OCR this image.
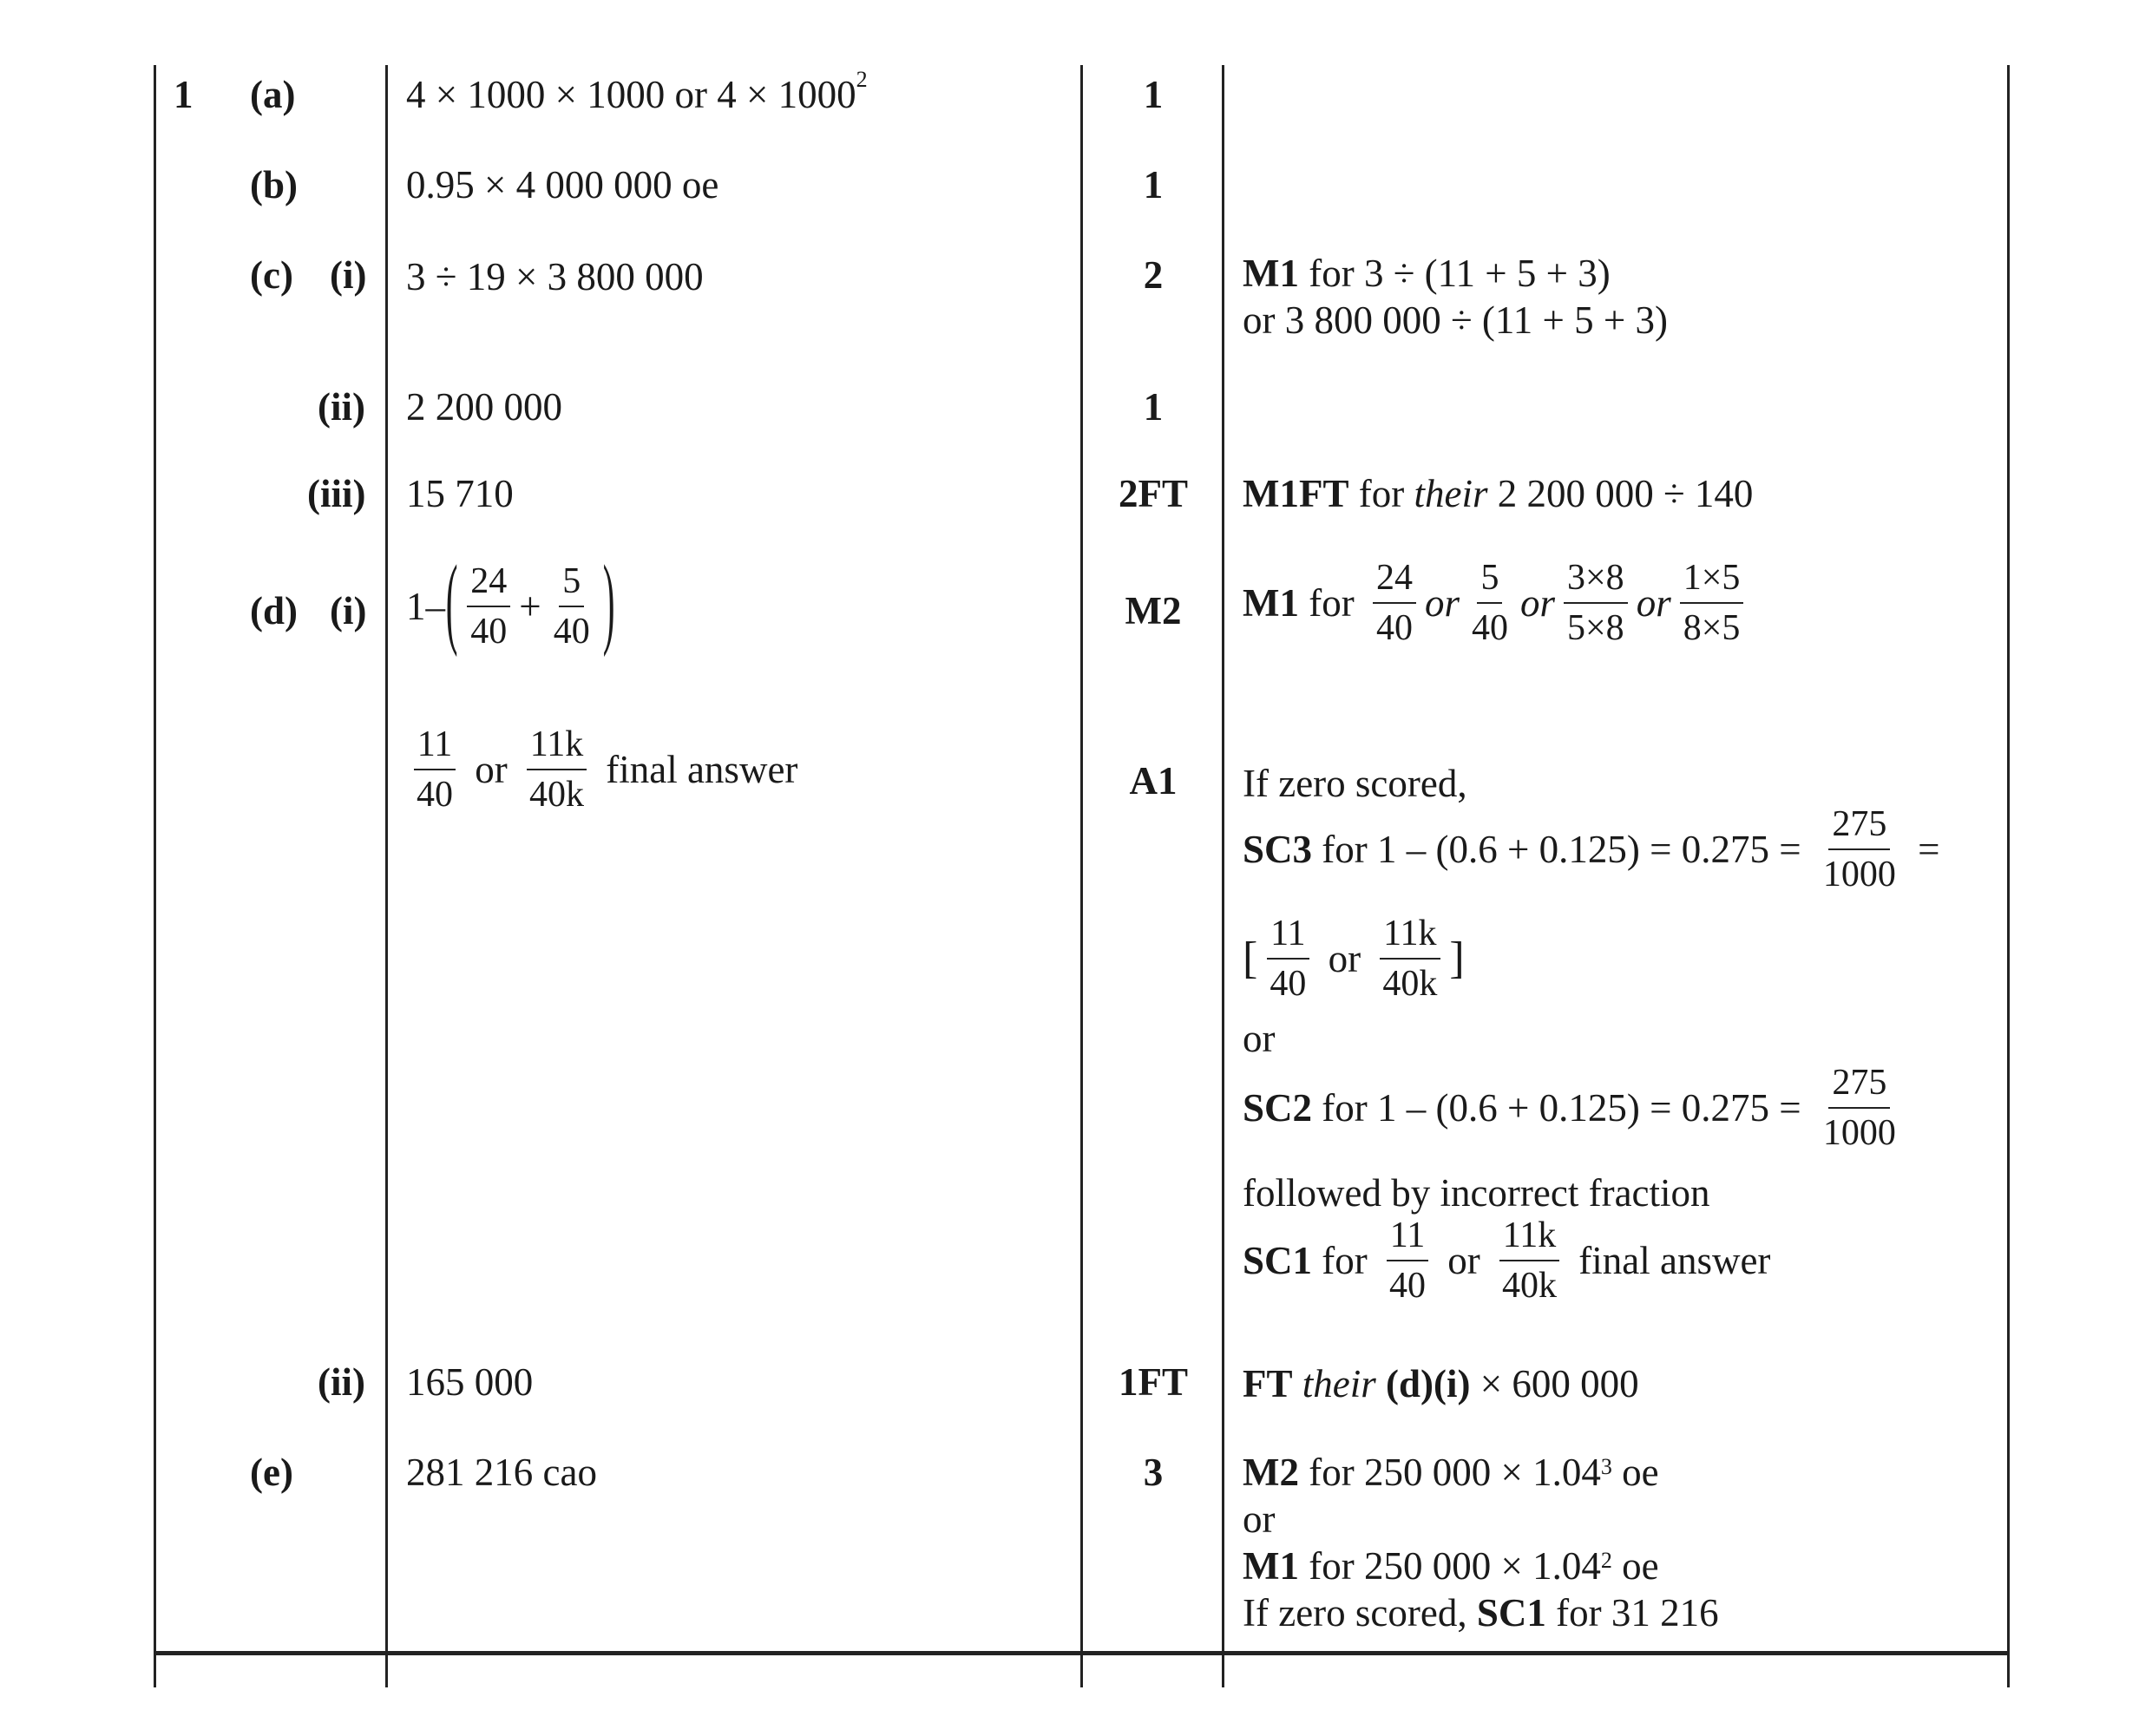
1 (a)	4 × 1000 × 1000 or $4 \times 1000^2$	1
(b)	0.95 × 4 000 000 oe	1
(c) (i) 3 ÷ 19 × 3 800 000	2	M1 for 3 ÷ (11 + 5 + 3)
or 3 800 000 ÷ (11 + 5 + 3)
(ii) 2 200 000	1
(iii) 15 710	2FT	M1FT for their 2 200 000 ÷ 140
(d) (i) $1-( \frac{24}{40} + \frac{5}{40}$ )	M2	M1 for $\frac{24}{40}$ or $\frac{5}{40}$ or $\frac{3\times 8}{5\times 8}$ or $\frac{1\times 5}{8\times 5}$
$\frac{11}{40}$ or $\frac{11k}{40k}$ final answer	A1	If zero scored,
SC3 for $1 - (0.6 + 0.125) = 0.275 = \frac{275}{1000}$ =
[ $\frac{11}{40}$ or $\frac{11k}{40k}$ ]
or
SC2 for $1 - (0.6 + 0.125) = 0.275 = \frac{275}{1000}$
followed by incorrect fraction
SC1 for $\frac{11}{40}$ or $\frac{11k}{40k}$ final answer
(ii) 165 000	1FT	FT their (d)(i) × 600 000
(e)	281 216 cao	3	M2 for 250 $000 \times 1.04^3$ oe
or
M1 for 250 $000 \times 1.04^2$ oe
If zero scored, SC1 for 31 216
